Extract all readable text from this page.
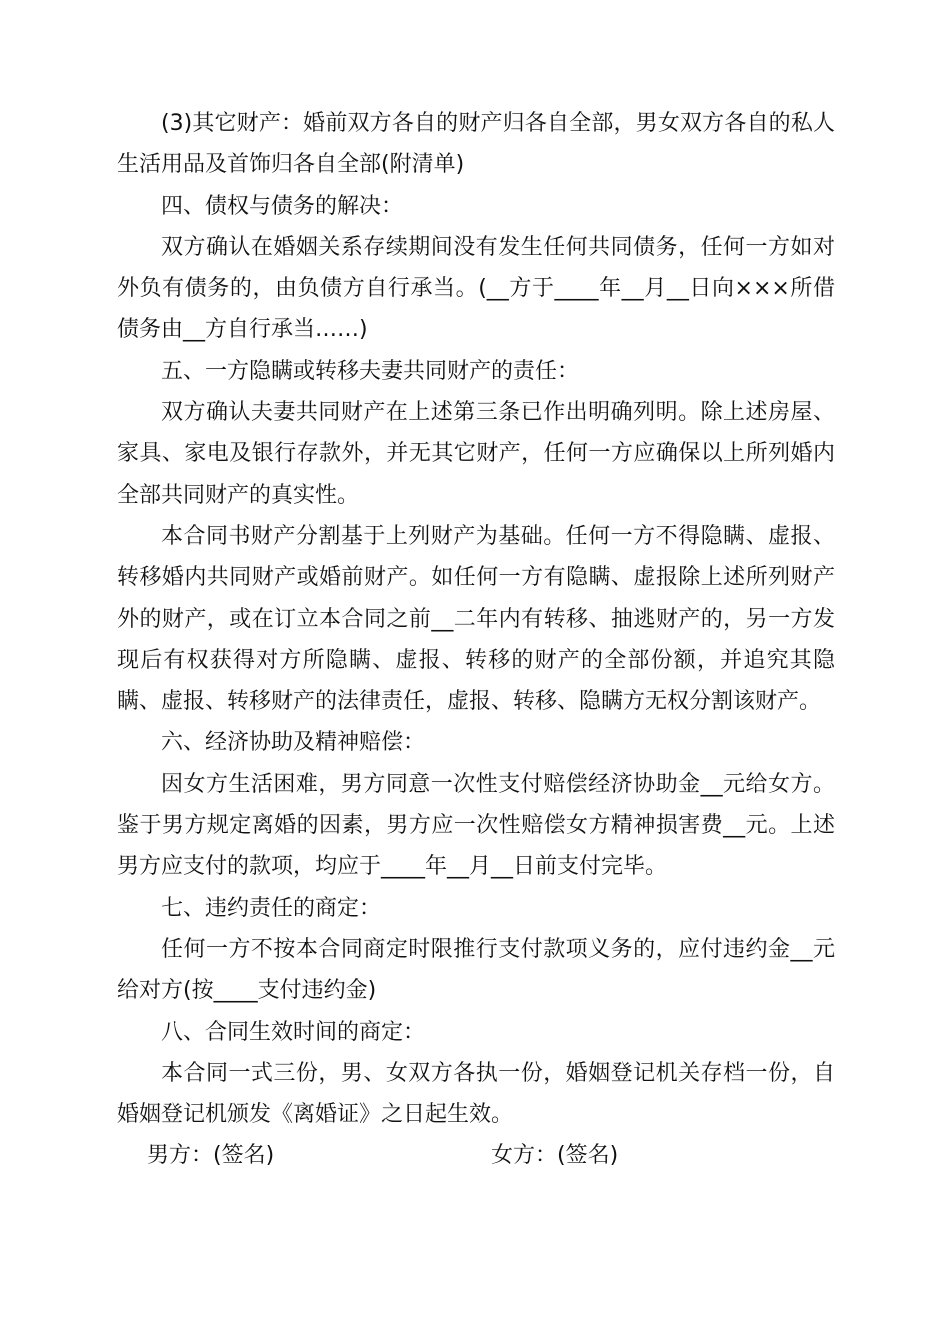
(3)其它财产：婚前双方各自的财产归各自全部，男女双方各自的私人生活用品及首饰归各自全部(附清单)

四、债权与债务的解决：

双方确认在婚姻关系存续期间没有发生任何共同债务，任何一方如对外负有债务的，由负债方自行承当。(__方于____年__月__日向×××所借债务由__方自行承当……)

五、一方隐瞒或转移夫妻共同财产的责任：

双方确认夫妻共同财产在上述第三条已作出明确列明。除上述房屋、家具、家电及银行存款外，并无其它财产，任何一方应确保以上所列婚内全部共同财产的真实性。

本合同书财产分割基于上列财产为基础。任何一方不得隐瞒、虚报、转移婚内共同财产或婚前财产。如任何一方有隐瞒、虚报除上述所列财产外的财产，或在订立本合同之前__二年内有转移、抽逃财产的，另一方发现后有权获得对方所隐瞒、虚报、转移的财产的全部份额，并追究其隐瞒、虚报、转移财产的法律责任，虚报、转移、隐瞒方无权分割该财产。

六、经济协助及精神赔偿：

因女方生活困难，男方同意一次性支付赔偿经济协助金__元给女方。鉴于男方规定离婚的因素，男方应一次性赔偿女方精神损害费__元。上述男方应支付的款项，均应于____年__月__日前支付完毕。

七、违约责任的商定：

任何一方不按本合同商定时限推行支付款项义务的，应付违约金__元给对方(按____支付违约金)

八、合同生效时间的商定：

本合同一式三份，男、女双方各执一份，婚姻登记机关存档一份，自婚姻登记机颁发《离婚证》之日起生效。

男方：(签名)	女方：(签名)
